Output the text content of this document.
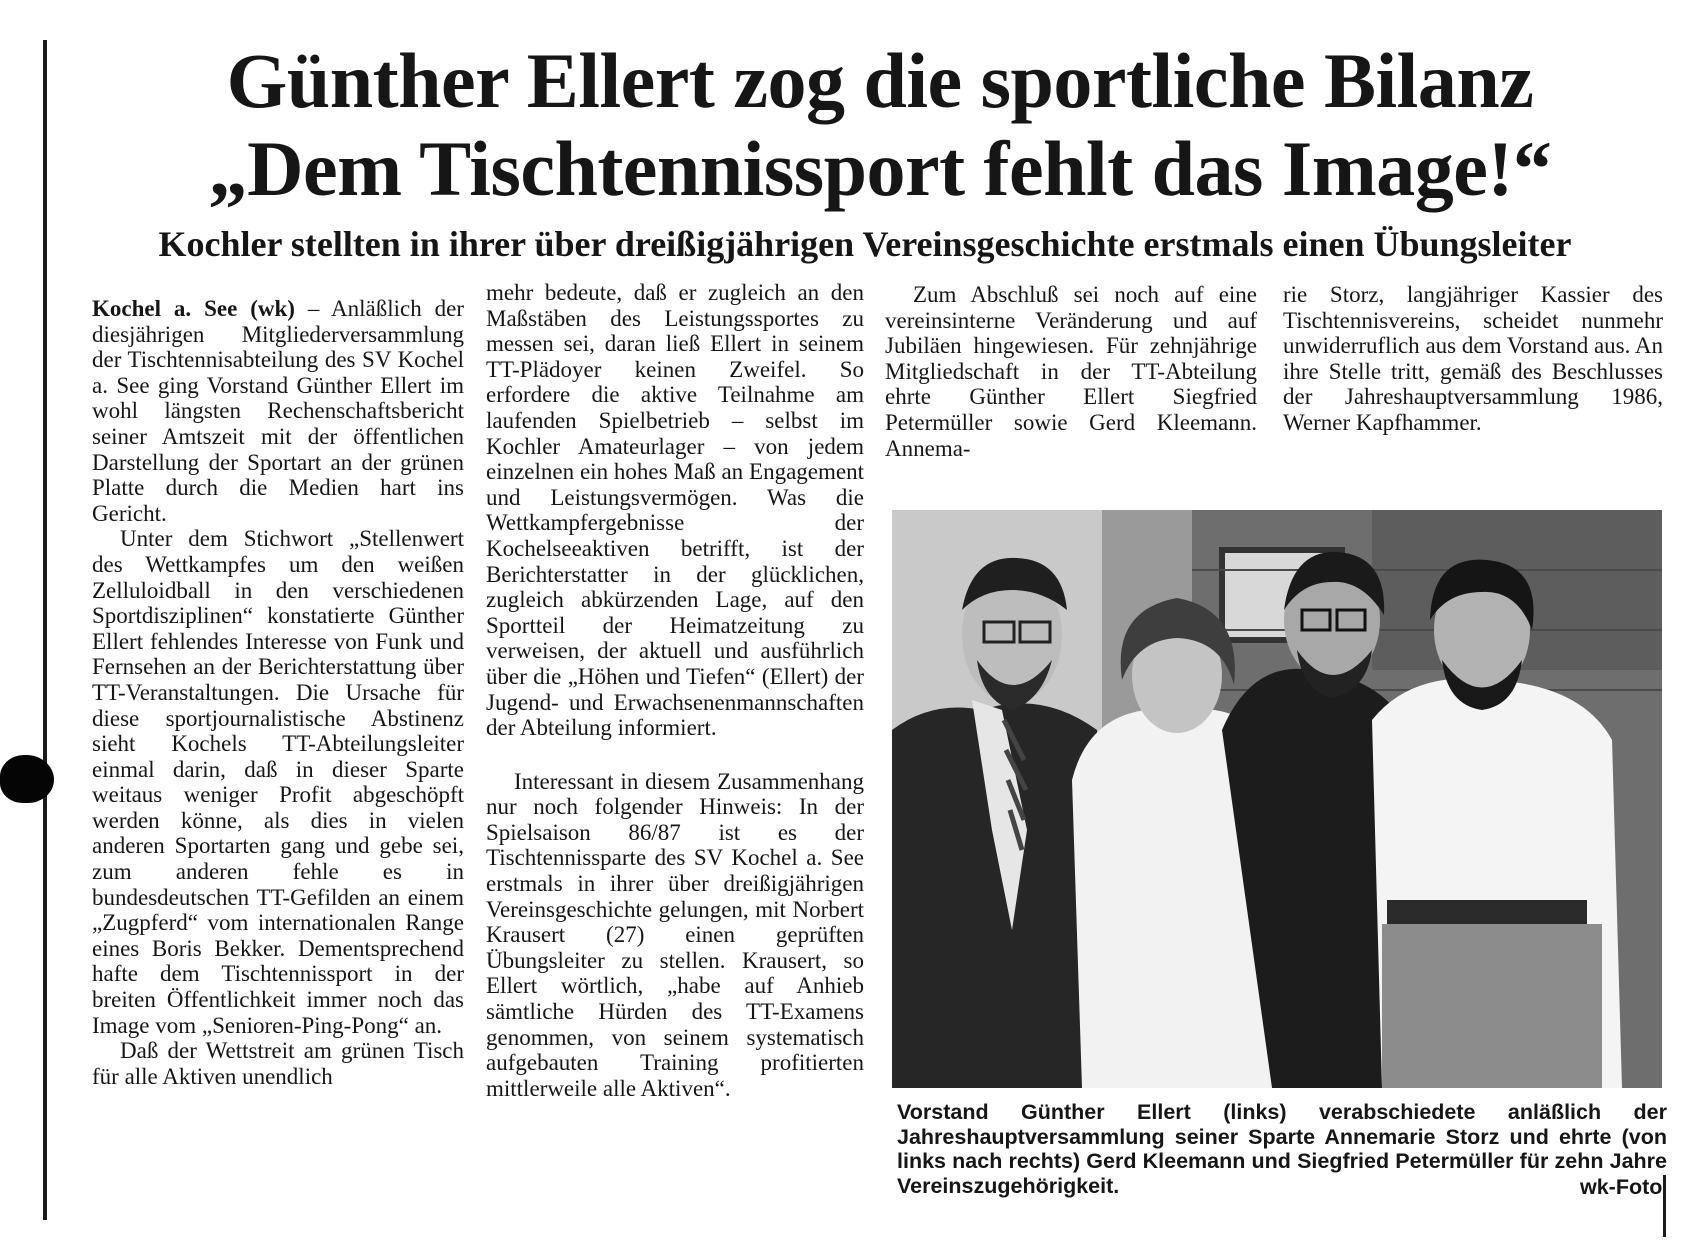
Günther Ellert zog die sportliche Bilanz
„Dem Tischtennissport fehlt das Image!“
Kochler stellten in ihrer über dreißigjährigen Vereinsgeschichte erstmals einen Übungsleiter

Kochel a. See (wk) – Anläßlich der diesjährigen Mitgliederversammlung der Tischtennisabteilung des SV Kochel a. See ging Vorstand Günther Ellert im wohl längsten Rechenschaftsbericht seiner Amtszeit mit der öffentlichen Darstellung der Sportart an der grünen Platte durch die Medien hart ins Gericht.

Unter dem Stichwort „Stellenwert des Wettkampfes um den weißen Zelluloidball in den verschiedenen Sportdisziplinen“ konstatierte Günther Ellert fehlendes Interesse von Funk und Fernsehen an der Berichterstattung über TT-Veranstaltungen. Die Ursache für diese sportjournalistische Abstinenz sieht Kochels TT-Abteilungsleiter einmal darin, daß in dieser Sparte weitaus weniger Profit abgeschöpft werden könne, als dies in vielen anderen Sportarten gang und gebe sei, zum anderen fehle es in bundesdeutschen TT-Gefilden an einem „Zugpferd“ vom internationalen Range eines Boris Bekker. Dementsprechend hafte dem Tischtennissport in der breiten Öffentlichkeit immer noch das Image vom „Senioren-Ping-Pong“ an.

Daß der Wettstreit am grünen Tisch für alle Aktiven unendlich

mehr bedeute, daß er zugleich an den Maßstäben des Leistungssportes zu messen sei, daran ließ Ellert in seinem TT-Plädoyer keinen Zweifel. So erfordere die aktive Teilnahme am laufenden Spielbetrieb – selbst im Kochler Amateurlager – von jedem einzelnen ein hohes Maß an Engagement und Leistungsvermögen. Was die Wettkampfergebnisse der Kochelseeaktiven betrifft, ist der Berichterstatter in der glücklichen, zugleich abkürzenden Lage, auf den Sportteil der Heimatzeitung zu verweisen, der aktuell und ausführlich über die „Höhen und Tiefen“ (Ellert) der Jugend- und Erwachsenenmannschaften der Abteilung informiert.

Interessant in diesem Zusammenhang nur noch folgender Hinweis: In der Spielsaison 86/87 ist es der Tischtennissparte des SV Kochel a. See erstmals in ihrer über dreißigjährigen Vereinsgeschichte gelungen, mit Norbert Krausert (27) einen geprüften Übungsleiter zu stellen. Krausert, so Ellert wörtlich, „habe auf Anhieb sämtliche Hürden des TT-Examens genommen, von seinem systematisch aufgebauten Training profitierten mittlerweile alle Aktiven“.

Zum Abschluß sei noch auf eine vereinsinterne Veränderung und auf Jubiläen hingewiesen. Für zehnjährige Mitgliedschaft in der TT-Abteilung ehrte Günther Ellert Siegfried Petermüller sowie Gerd Kleemann. Annema-

rie Storz, langjähriger Kassier des Tischtennisvereins, scheidet nunmehr unwiderruflich aus dem Vorstand aus. An ihre Stelle tritt, gemäß des Beschlusses der Jahreshauptversammlung 1986, Werner Kapfhammer.

Vorstand Günther Ellert (links) verabschiedete anläßlich der Jahreshauptversammlung seiner Sparte Annemarie Storz und ehrte (von links nach rechts) Gerd Kleemann und Siegfried Petermüller für zehn Jahre Vereinszugehörigkeit.	wk-Foto
